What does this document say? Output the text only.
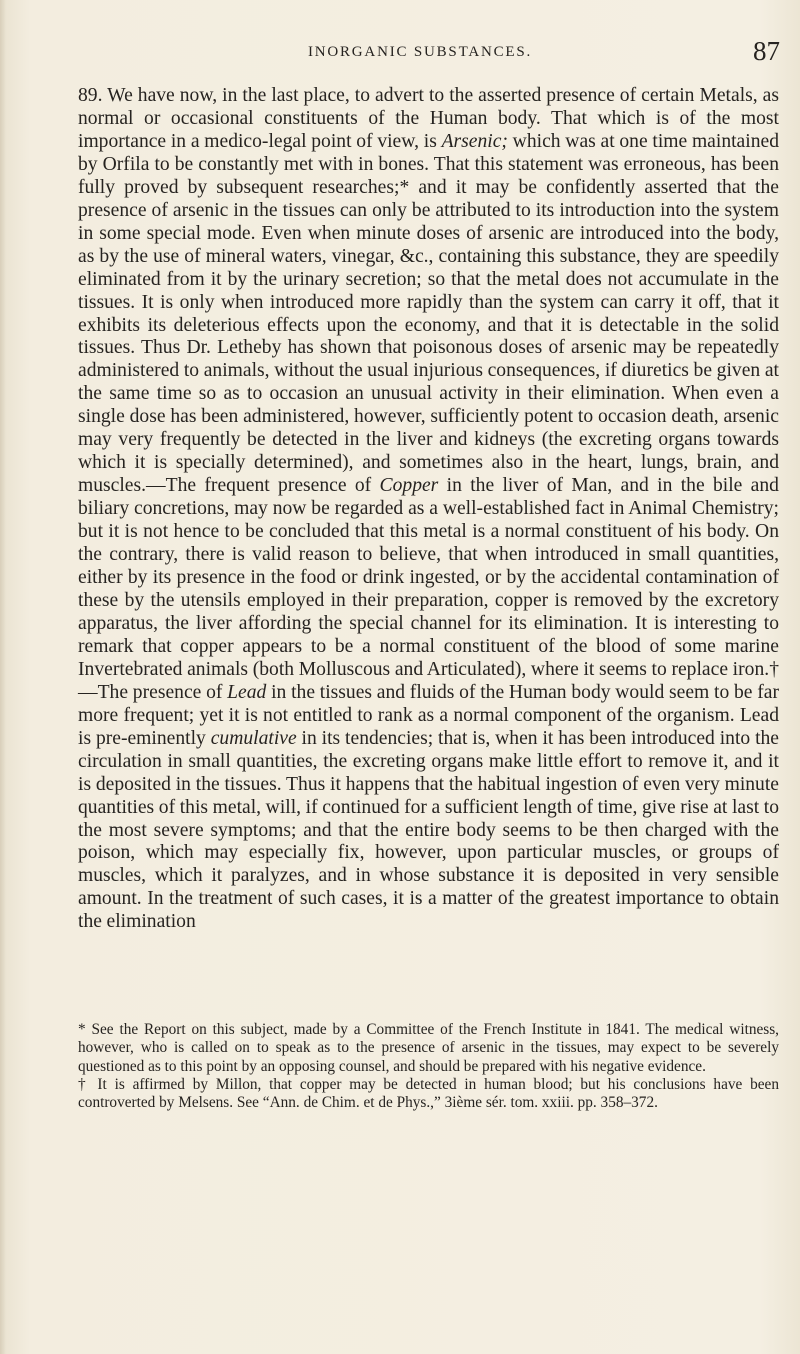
INORGANIC SUBSTANCES.	87

89. We have now, in the last place, to advert to the asserted presence of certain Metals, as normal or occasional constituents of the Human body. That which is of the most importance in a medico-legal point of view, is Arsenic; which was at one time maintained by Orfila to be constantly met with in bones. That this statement was erroneous, has been fully proved by subsequent researches;* and it may be confidently asserted that the presence of arsenic in the tissues can only be attributed to its introduction into the system in some special mode. Even when minute doses of arsenic are introduced into the body, as by the use of mineral waters, vinegar, &c., containing this substance, they are speedily eliminated from it by the urinary secretion; so that the metal does not accumulate in the tissues. It is only when introduced more rapidly than the system can carry it off, that it exhibits its deleterious effects upon the economy, and that it is detectable in the solid tissues. Thus Dr. Letheby has shown that poisonous doses of arsenic may be repeatedly administered to animals, without the usual injurious consequences, if diuretics be given at the same time so as to occasion an unusual activity in their elimination. When even a single dose has been administered, however, sufficiently potent to occasion death, arsenic may very frequently be detected in the liver and kidneys (the excreting organs towards which it is specially determined), and sometimes also in the heart, lungs, brain, and muscles.—The frequent presence of Copper in the liver of Man, and in the bile and biliary concretions, may now be regarded as a well-established fact in Animal Chemistry; but it is not hence to be concluded that this metal is a normal constituent of his body. On the contrary, there is valid reason to believe, that when introduced in small quantities, either by its presence in the food or drink ingested, or by the accidental contamination of these by the utensils employed in their preparation, copper is removed by the excretory apparatus, the liver affording the special channel for its elimination. It is interesting to remark that copper appears to be a normal constituent of the blood of some marine Invertebrated animals (both Molluscous and Articulated), where it seems to replace iron.†—The presence of Lead in the tissues and fluids of the Human body would seem to be far more frequent; yet it is not entitled to rank as a normal component of the organism. Lead is pre-eminently cumulative in its tendencies; that is, when it has been introduced into the circulation in small quantities, the excreting organs make little effort to remove it, and it is deposited in the tissues. Thus it happens that the habitual ingestion of even very minute quantities of this metal, will, if continued for a sufficient length of time, give rise at last to the most severe symptoms; and that the entire body seems to be then charged with the poison, which may especially fix, however, upon particular muscles, or groups of muscles, which it paralyzes, and in whose substance it is deposited in very sensible amount. In the treatment of such cases, it is a matter of the greatest importance to obtain the elimination

* See the Report on this subject, made by a Committee of the French Institute in 1841. The medical witness, however, who is called on to speak as to the presence of arsenic in the tissues, may expect to be severely questioned as to this point by an opposing counsel, and should be prepared with his negative evidence.

† It is affirmed by Millon, that copper may be detected in human blood; but his conclusions have been controverted by Melsens. See “Ann. de Chim. et de Phys.,” 3ième sér. tom. xxiii. pp. 358–372.
